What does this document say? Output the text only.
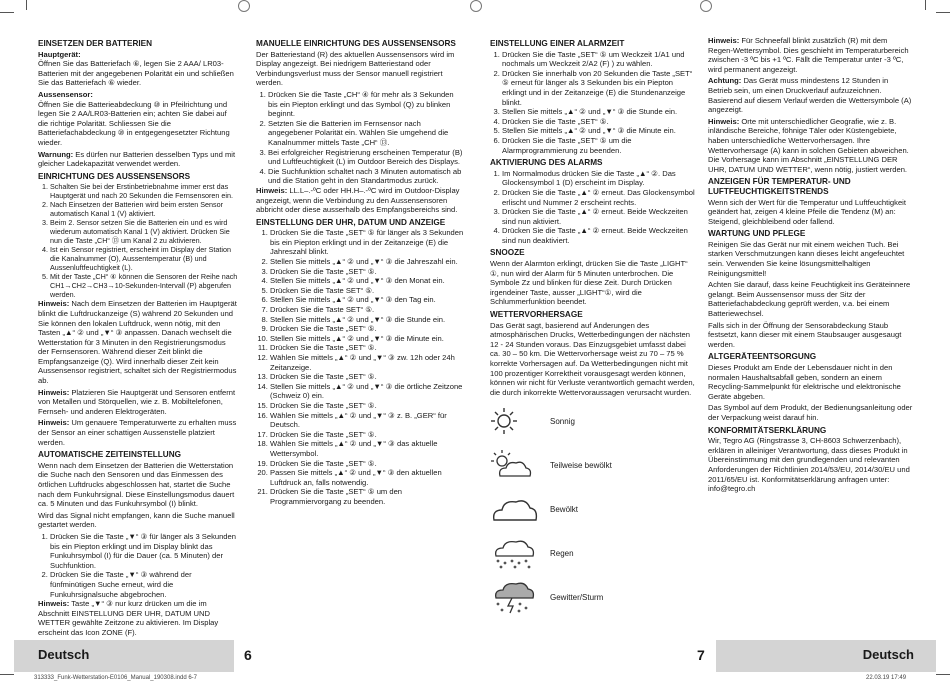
EINSETZEN DER BATTERIEN

Hauptgerät:
Öffnen Sie das Batteriefach ⑥, legen Sie 2 AAA/ LR03-Batterien mit der angegebenen Polarität ein und schließen Sie das Batteriefach ⑥ wieder.

Aussensensor:
Öffnen Sie die Batterieabdeckung ⑩ in Pfeilrichtung und legen Sie 2 AA/LR03-Batterien ein; achten Sie dabei auf die richtige Polarität. Schliessen Sie die Batteriefachabdeckung ⑩ in entgegengesetzter Richtung wieder.

Warnung: Es dürfen nur Batterien desselben Typs und mit gleicher Ladekapazität verwendet werden.

EINRICHTUNG DES AUSSENSENSORS
1. Schalten Sie bei der Erstinbetriebnahme immer erst das Hauptgerät und nach 20 Sekunden die Fernsensoren ein.
2. Nach Einsetzen der Batterien wird beim ersten Sensor automatisch Kanal 1 (V) aktiviert.
3. Beim 2. Sensor setzen Sie die Batterien ein und es wird wiederum automatisch Kanal 1 (V) aktiviert. Drücken Sie nun die Taste „CH“ ⑬ um Kanal 2 zu aktivieren.
4. Ist ein Sensor registriert, erscheint im Display der Station die Kanalnummer (O), Aussentemperatur (B) und Aussenluftfeuchtigkeit (L).
5. Mit der Taste „CH“ ④ können die Sensoren der Reihe nach CH1→CH2→CH3→10-Sekunden-Intervall (P) abgerufen werden.

Hinweis: Nach dem Einsetzen der Batterien im Hauptgerät blinkt die Luftdruckanzeige (S) während 20 Sekunden und Sie können den lokalen Luftdruck, wenn nötig, mit den Tasten „▲“ ② und „▼“ ③ anpassen. Danach wechselt die Wetterstation für 3 Minuten in den Registrierungsmodus der Fernsensoren. Während dieser Zeit blinkt die Empfangsanzeige (Q). Wird innerhalb dieser Zeit kein Aussensensor registriert, schaltet sich der Registriermodus ab.

Hinweis: Platzieren Sie Hauptgerät und Sensoren entfernt von Metallen und Störquellen, wie z. B. Mobiltelefonen, Fernseh- und anderen Elektrogeräten.

Hinweis: Um genauere Temperaturwerte zu erhalten muss der Sensor an einer schattigen Aussenstelle platziert werden.

AUTOMATISCHE ZEITEINSTELLUNG

Wenn nach dem Einsetzen der Batterien die Wetterstation die Suche nach den Sensoren und das Einmessen des örtlichen Luftdrucks abgeschlossen hat, startet die Suche nach dem Funkuhrsignal. Diese Einstellungsmodus dauert ca. 5 Minuten und das Funkuhrsymbol (I) blinkt.

Wird das Signal nicht empfangen, kann die Suche manuell gestartet werden.

1. Drücken Sie die Taste „▼“ ③ für länger als 3 Sekunden bis ein Piepton erklingt und im Display blinkt das Funkuhrsymbol (I) für die Dauer (ca. 5 Minuten) der Suchfunktion.
2. Drücken Sie die Taste „▼“ ③ während der fünfminütigen Suche erneut, wird die Funkuhrsignalsuche abgebrochen.

Hinweis: Taste „▼“ ③ nur kurz drücken um die im Abschnitt EINSTELLUNG DER UHR, DATUM UND WETTER gewählte Zeitzone zu aktivieren. Im Display erscheint das Icon ZONE (F).

MANUELLE EINRICHTUNG DES AUSSENSENSORS

Der Batteriestand (R) des aktuellen Aussensensors wird im Display angezeigt. Bei niedrigem Batteriestand oder Verbindungsverlust muss der Sensor manuell registriert werden.

1. Drücken Sie die Taste „CH“ ④ für mehr als 3 Sekunden bis ein Piepton erklingt und das Symbol (Q) zu blinken beginnt.
2. Setzten Sie die Batterien im Fernsensor nach angegebener Polarität ein. Wählen Sie umgehend die Kanalnummer mittels Taste „CH“ ⑬.
3. Bei erfolgreicher Registrierung erscheinen Temperatur (B) und Luftfeuchtigkeit (L) im Outdoor Bereich des Displays.
4. Die Suchfunktion schaltet nach 3 Minuten automatisch ab und die Station geht in den Standartmodus zurück.

Hinweis: LL.L–.-ºC oder HH.H–.-ºC wird im Outdoor-Display angezeigt, wenn die Verbindung zu den Aussensensoren abbricht oder diese ausserhalb des Empfangsbereichs sind.

EINSTELLUNG DER UHR, DATUM UND ANZEIGE
1. Drücken Sie die Taste „SET“ ⑤ für länger als 3 Sekunden bis ein Piepton erklingt und in der Zeitanzeige (E) die Jahreszahl blinkt.
2. Stellen Sie mittels „▲“ ② und „▼“ ③ die Jahreszahl ein.
3. Drücken Sie die Taste „SET“ ⑤.
4. Stellen Sie mittels „▲“ ② und „▼“ ③ den Monat ein.
5. Drücken Sie die Taste SET“ ⑤.
6. Stellen Sie mittels „▲“ ② und „▼“ ③ den Tag ein.
7. Drücken Sie die Taste SET“ ⑤.
8. Stellen Sie mittels „▲“ ② und „▼“ ③ die Stunde ein.
9. Drücken Sie die Taste „SET“ ⑤.
10. Stellen Sie mittels „▲“ ② und „▼“ ③ die Minute ein.
11. Drücken Sie die Taste „SET“ ⑤.
12. Wählen Sie mittels „▲“ ② und „▼“ ③ zw. 12h oder 24h Zeitanzeige.
13. Drücken Sie die Taste „SET“ ⑤.
14. Stellen Sie mittels „▲“ ② und „▼“ ③ die örtliche Zeitzone (Schweiz 0) ein.
15. Drücken Sie die Taste „SET“ ⑤.
16. Wählen Sie mittels „▲“ ② und „▼“ ③ z. B. „GER“ für Deutsch.
17. Drücken Sie die Taste „SET“ ⑤.
18. Wählen Sie mittels „▲“ ② und „▼“ ③ das aktuelle Wettersymbol.
19. Drücken Sie die Taste „SET“ ⑤.
20. Passen Sie mittels „▲“ ② und „▼“ ③ den aktuellen Luftdruck an, falls notwendig.
21. Drücken Sie die Taste „SET“ ⑤ um den Programmiervorgang zu beenden.
EINSTELLUNG EINER ALARMZEIT
1. Drücken Sie die Taste „SET“ ⑤ um Weckzeit 1/A1 und nochmals um Weckzeit 2/A2 (F) ) zu wählen.
2. Drücken Sie innerhalb von 20 Sekunden die Taste „SET“ ⑤ erneut für länger als 3 Sekunden bis ein Piepton erklingt und in der Zeitanzeige (E) die Stundenanzeige blinkt.
3. Stellen Sie mittels „▲“ ② und „▼“ ③ die Stunde ein.
4. Drücken Sie die Taste „SET“ ⑤.
5. Stellen Sie mittels „▲“ ② und „▼“ ③ die Minute ein.
6. Drücken Sie die Taste „SET“ ⑤ um die Alarmprogrammierung zu beenden.
AKTIVIERUNG DES ALARMS
1. Im Normalmodus drücken Sie die Taste „▲“ ②. Das Glockensymbol 1 (D) erscheint im Display.
2. Drücken Sie die Taste „▲“ ② erneut. Das Glockensymbol erlischt und Nummer 2 erscheint rechts.
3. Drücken Sie die Taste „▲“ ② erneut. Beide Weckzeiten sind nun aktiviert.
4. Drücken Sie die Taste „▲“ ② erneut. Beide Weckzeiten sind nun deaktiviert.
SNOOZE

Wenn der Alarmton erklingt, drücken Sie die Taste „LIGHT“ ①, nun wird der Alarm für 5 Minuten unterbrochen. Die Symbole Zz und blinken für diese Zeit. Durch Drücken irgendeiner Taste, ausser „LIGHT“①, wird die Schlummerfunktion beendet.

WETTERVORHERSAGE

Das Gerät sagt, basierend auf Änderungen des atmosphärischen Drucks, Wetterbedingungen der nächsten 12 - 24 Stunden voraus. Das Einzugsgebiet umfasst dabei ca. 30 – 50 km. Die Wettervorhersage weist zu 70 – 75 % korrekte Vorhersagen auf. Da Wetterbedingungen nicht mit 100 prozentiger Korrektheit vorausgesagt werden können, können wir nicht für Verluste verantwortlich gemacht werden, die durch inkorrekte Wettervoraussagen verursacht wurden.

Sonnig
Teilweise bewölkt
Bewölkt
Regen
Gewitter/Sturm

Hinweis: Für Schneefall blinkt zusätzlich (R) mit dem Regen-Wettersymbol. Dies geschieht im Temperaturbereich zwischen -3 ºC bis +1 ºC. Fällt die Temperatur unter -3 ºC, wird permanent angezeigt.

Achtung: Das Gerät muss mindestens 12 Stunden in Betrieb sein, um einen Druckverlauf aufzuzeichnen. Basierend auf diesem Verlauf werden die Wettersymbole (A) angezeigt.

Hinweis: Orte mit unterschiedlicher Geografie, wie z. B. inländische Bereiche, föhnige Täler oder Küstengebiete, haben unterschiedliche Wettervorhersagen. Ihre Wettervorhersage (A) kann in solchen Gebieten abweichen. Die Vorhersage kann im Abschnitt „EINSTELLUNG DER UHR, DATUM UND WETTER“, wenn nötig, justiert werden.

ANZEIGEN FÜR TEMPERATUR- UND LUFTFEUCHTIGKEITSTRENDS

Wenn sich der Wert für die Temperatur und Luftfeuchtigkeit geändert hat, zeigen 4 kleine Pfeile die Tendenz (M) an: Steigend, gleichbleibend oder fallend.

WARTUNG UND PFLEGE

Reinigen Sie das Gerät nur mit einem weichen Tuch. Bei starken Verschmutzungen kann dieses leicht angefeuchtet sein. Verwenden Sie keine lösungsmittelhaltigen Reinigungsmittel!

Achten Sie darauf, dass keine Feuchtigkeit ins Geräteinnere gelangt. Beim Aussensensor muss der Sitz der Batteriefachabdeckung geprüft werden, v.a. bei einem Batteriewechsel.

Falls sich in der Öffnung der Sensorabdeckung Staub festsetzt, kann dieser mit einem Staubsauger ausgesaugt werden.

ALTGERÄTEENTSORGUNG

Dieses Produkt am Ende der Lebensdauer nicht in den normalen Haushaltsabfall geben, sondern an einem Recycling-Sammelpunkt für elektrische und elektronische Geräte abgeben.

Das Symbol auf dem Produkt, der Bedienungsanleitung oder der Verpackung weist darauf hin.

KONFORMITÄTSERKLÄRUNG

Wir, Tegro AG (Ringstrasse 3, CH-8603 Schwerzenbach), erklären in alleiniger Verantwortung, dass dieses Produkt in Übereinstimmung mit den grundlegenden und relevanten Anforderungen der Richtlinien 2014/53/EU, 2014/30/EU und 2011/65/EU ist. Konformitätserklärung anfragen unter: info@tegro.ch

Deutsch	6	7	Deutsch
313333_Funk-Wetterstation-E0106_Manual_190308.indd 6-7	22.03.19 17:49
